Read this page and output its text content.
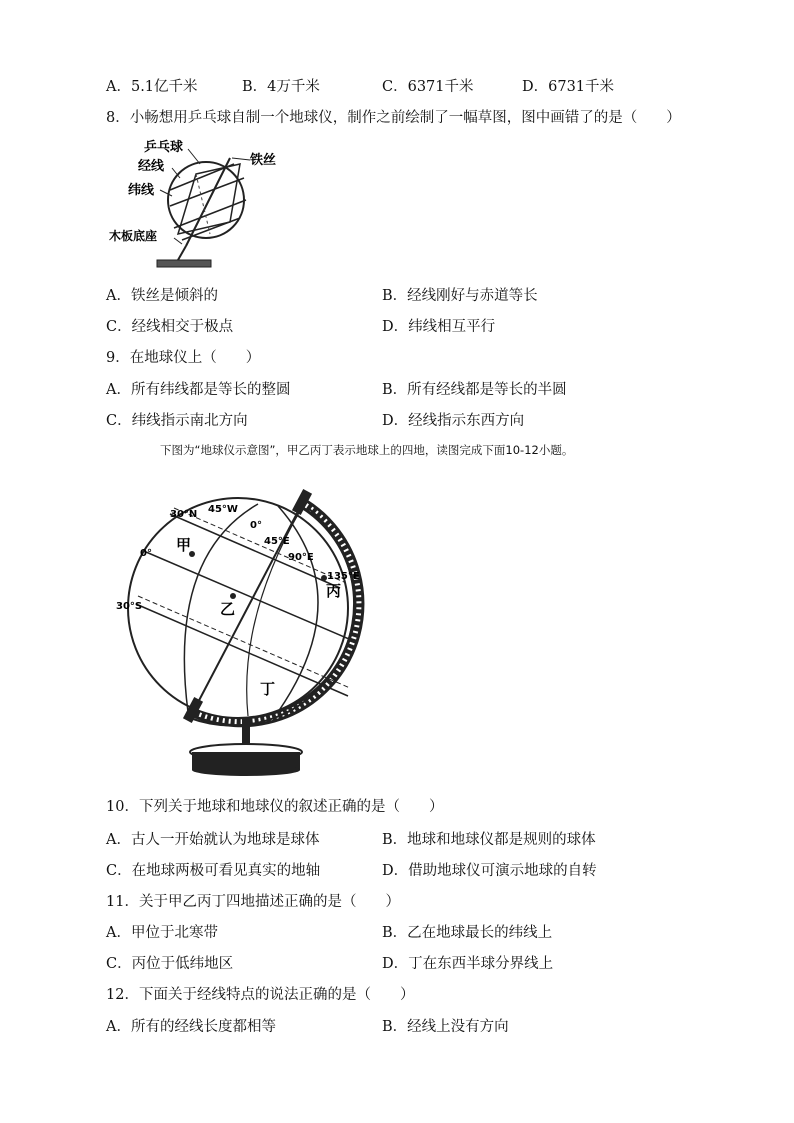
A．5.1亿千米	B．4万千米	C．6371千米	D．6731千米
8．小畅想用乒乓球自制一个地球仪，制作之前绘制了一幅草图，图中画错了的是（　　）
乒乓球
经线	铁丝
纬线
木板底座
A．铁丝是倾斜的	B．经线刚好与赤道等长
C．经线相交于极点	D．纬线相互平行
9．在地球仪上（　　）
A．所有纬线都是等长的整圆	B．所有经线都是等长的半圆
C．纬线指示南北方向	D．经线指示东西方向
下图为“地球仪示意图”，甲乙丙丁表示地球上的四地，读图完成下面10-12小题。
30°N 45°W
0°
45°E
90°E
135°E
0°
30°S
甲
乙
丙
丁
10．下列关于地球和地球仪的叙述正确的是（　　）
A．古人一开始就认为地球是球体	B．地球和地球仪都是规则的球体
C．在地球两极可看见真实的地轴	D．借助地球仪可演示地球的自转
11．关于甲乙丙丁四地描述正确的是（　　）
A．甲位于北寒带	B．乙在地球最长的纬线上
C．丙位于低纬地区	D．丁在东西半球分界线上
12．下面关于经线特点的说法正确的是（　　）
A．所有的经线长度都相等	B．经线上没有方向
